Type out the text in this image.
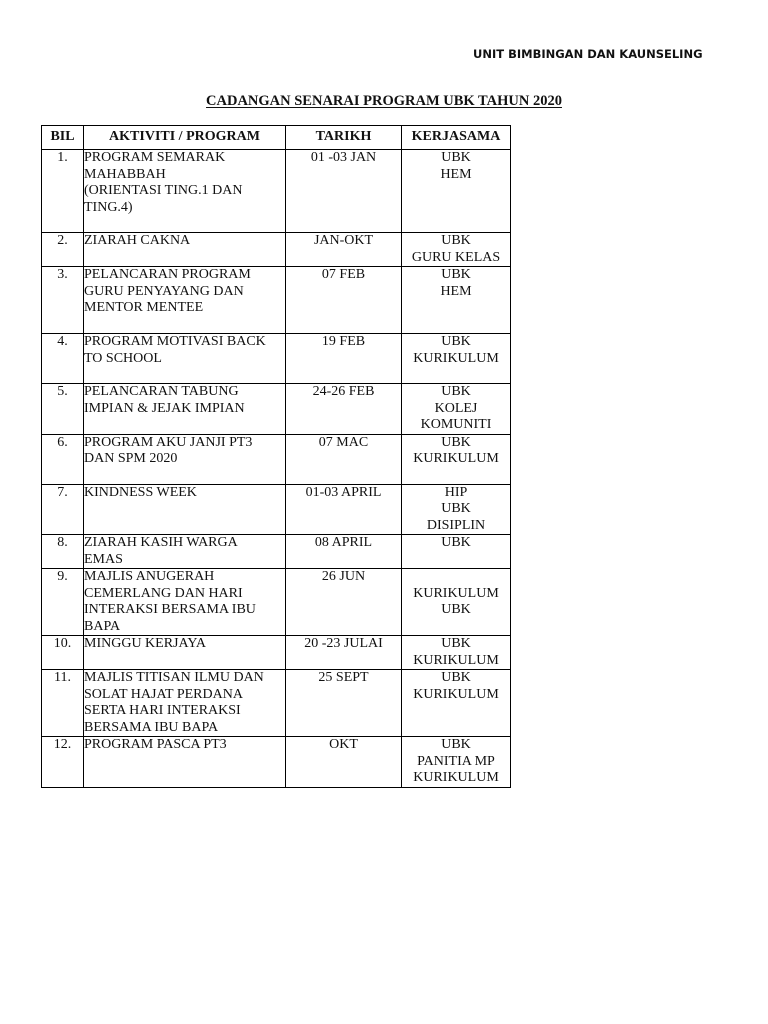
UNIT BIMBINGAN DAN KAUNSELING
CADANGAN SENARAI PROGRAM UBK TAHUN 2020
BIL	AKTIVITI / PROGRAM	TARIKH	KERJASAMA
1.	PROGRAM SEMARAK
MAHABBAH
(ORIENTASI TING.1 DAN
TING.4)	01 -03 JAN	UBK
HEM

2.	ZIARAH CAKNA	JAN-OKT	UBK
GURU KELAS

3.	PELANCARAN PROGRAM
GURU PENYAYANG DAN
MENTOR MENTEE	07 FEB	UBK
HEM

4.	PROGRAM MOTIVASI BACK
TO SCHOOL	19 FEB	UBK
KURIKULUM

5.	PELANCARAN TABUNG
IMPIAN & JEJAK IMPIAN	24-26 FEB	UBK
KOLEJ
KOMUNITI

6.	PROGRAM AKU JANJI PT3
DAN SPM 2020	07 MAC	UBK
KURIKULUM

7.	KINDNESS WEEK	01-03 APRIL	HIP
UBK
DISIPLIN

8.	ZIARAH KASIH WARGA
EMAS	08 APRIL	UBK

9.	MAJLIS ANUGERAH
CEMERLANG DAN HARI
INTERAKSI BERSAMA IBU
BAPA	26 JUN	KURIKULUM
UBK

10.	MINGGU KERJAYA	20 -23 JULAI	UBK
KURIKULUM

11.	MAJLIS TITISAN ILMU DAN
SOLAT HAJAT PERDANA
SERTA HARI INTERAKSI
BERSAMA IBU BAPA	25 SEPT	UBK
KURIKULUM

12.	PROGRAM PASCA PT3	OKT	UBK
PANITIA MP
KURIKULUM
